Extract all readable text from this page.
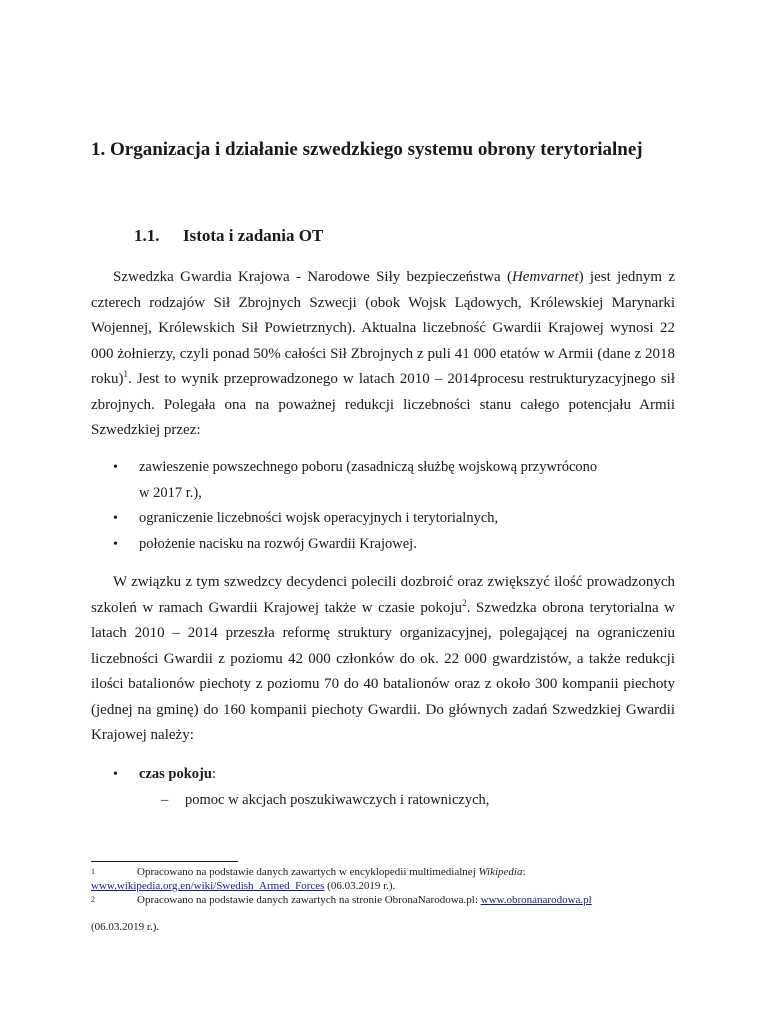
1. Organizacja i działanie szwedzkiego systemu obrony terytorialnej
1.1. Istota i zadania OT
Szwedzka Gwardia Krajowa - Narodowe Siły bezpieczeństwa (Hemvarnet) jest jednym z czterech rodzajów Sił Zbrojnych Szwecji (obok Wojsk Lądowych, Królewskiej Marynarki Wojennej, Królewskich Sił Powietrznych). Aktualna liczebność Gwardii Krajowej wynosi 22 000 żołnierzy, czyli ponad 50% całości Sił Zbrojnych z puli 41 000 etatów w Armii (dane z 2018 roku)$^1$. Jest to wynik przeprowadzonego w latach 2010 – 2014procesu restrukturyzacyjnego sił zbrojnych. Polegała ona na poważnej redukcji liczebności stanu całego potencjału Armii Szwedzkiej przez:
• zawieszenie powszechnego poboru (zasadniczą służbę wojskową przywrócono
w 2017 r.),
• ograniczenie liczebności wojsk operacyjnych i terytorialnych,
• położenie nacisku na rozwój Gwardii Krajowej.
W związku z tym szwedzcy decydenci polecili dozbroić oraz zwiększyć ilość prowadzonych szkoleń w ramach Gwardii Krajowej także w czasie pokoju$^2$. Szwedzka obrona terytorialna w latach 2010 – 2014 przeszła reformę struktury organizacyjnej, polegającej na ograniczeniu liczebności Gwardii z poziomu 42 000 członków do ok. 22 000 gwardzistów, a także redukcji ilości batalionów piechoty z poziomu 70 do 40 batalionów oraz z około 300 kompanii piechoty (jednej na gminę) do 160 kompanii piechoty Gwardii. Do głównych zadań Szwedzkiej Gwardii Krajowej należy:
• czas pokoju:
– pomoc w akcjach poszukiwawczych i ratowniczych,
1	Opracowano na podstawie danych zawartych w encyklopedii multimedialnej Wikipedia:
www.wikipedia.org.en/wiki/Swedish_Armed_Forces (06.03.2019 r.).
2	Opracowano na podstawie danych zawartych na stronie ObronaNarodowa.pl: www.obronanarodowa.pl
(06.03.2019 r.).
